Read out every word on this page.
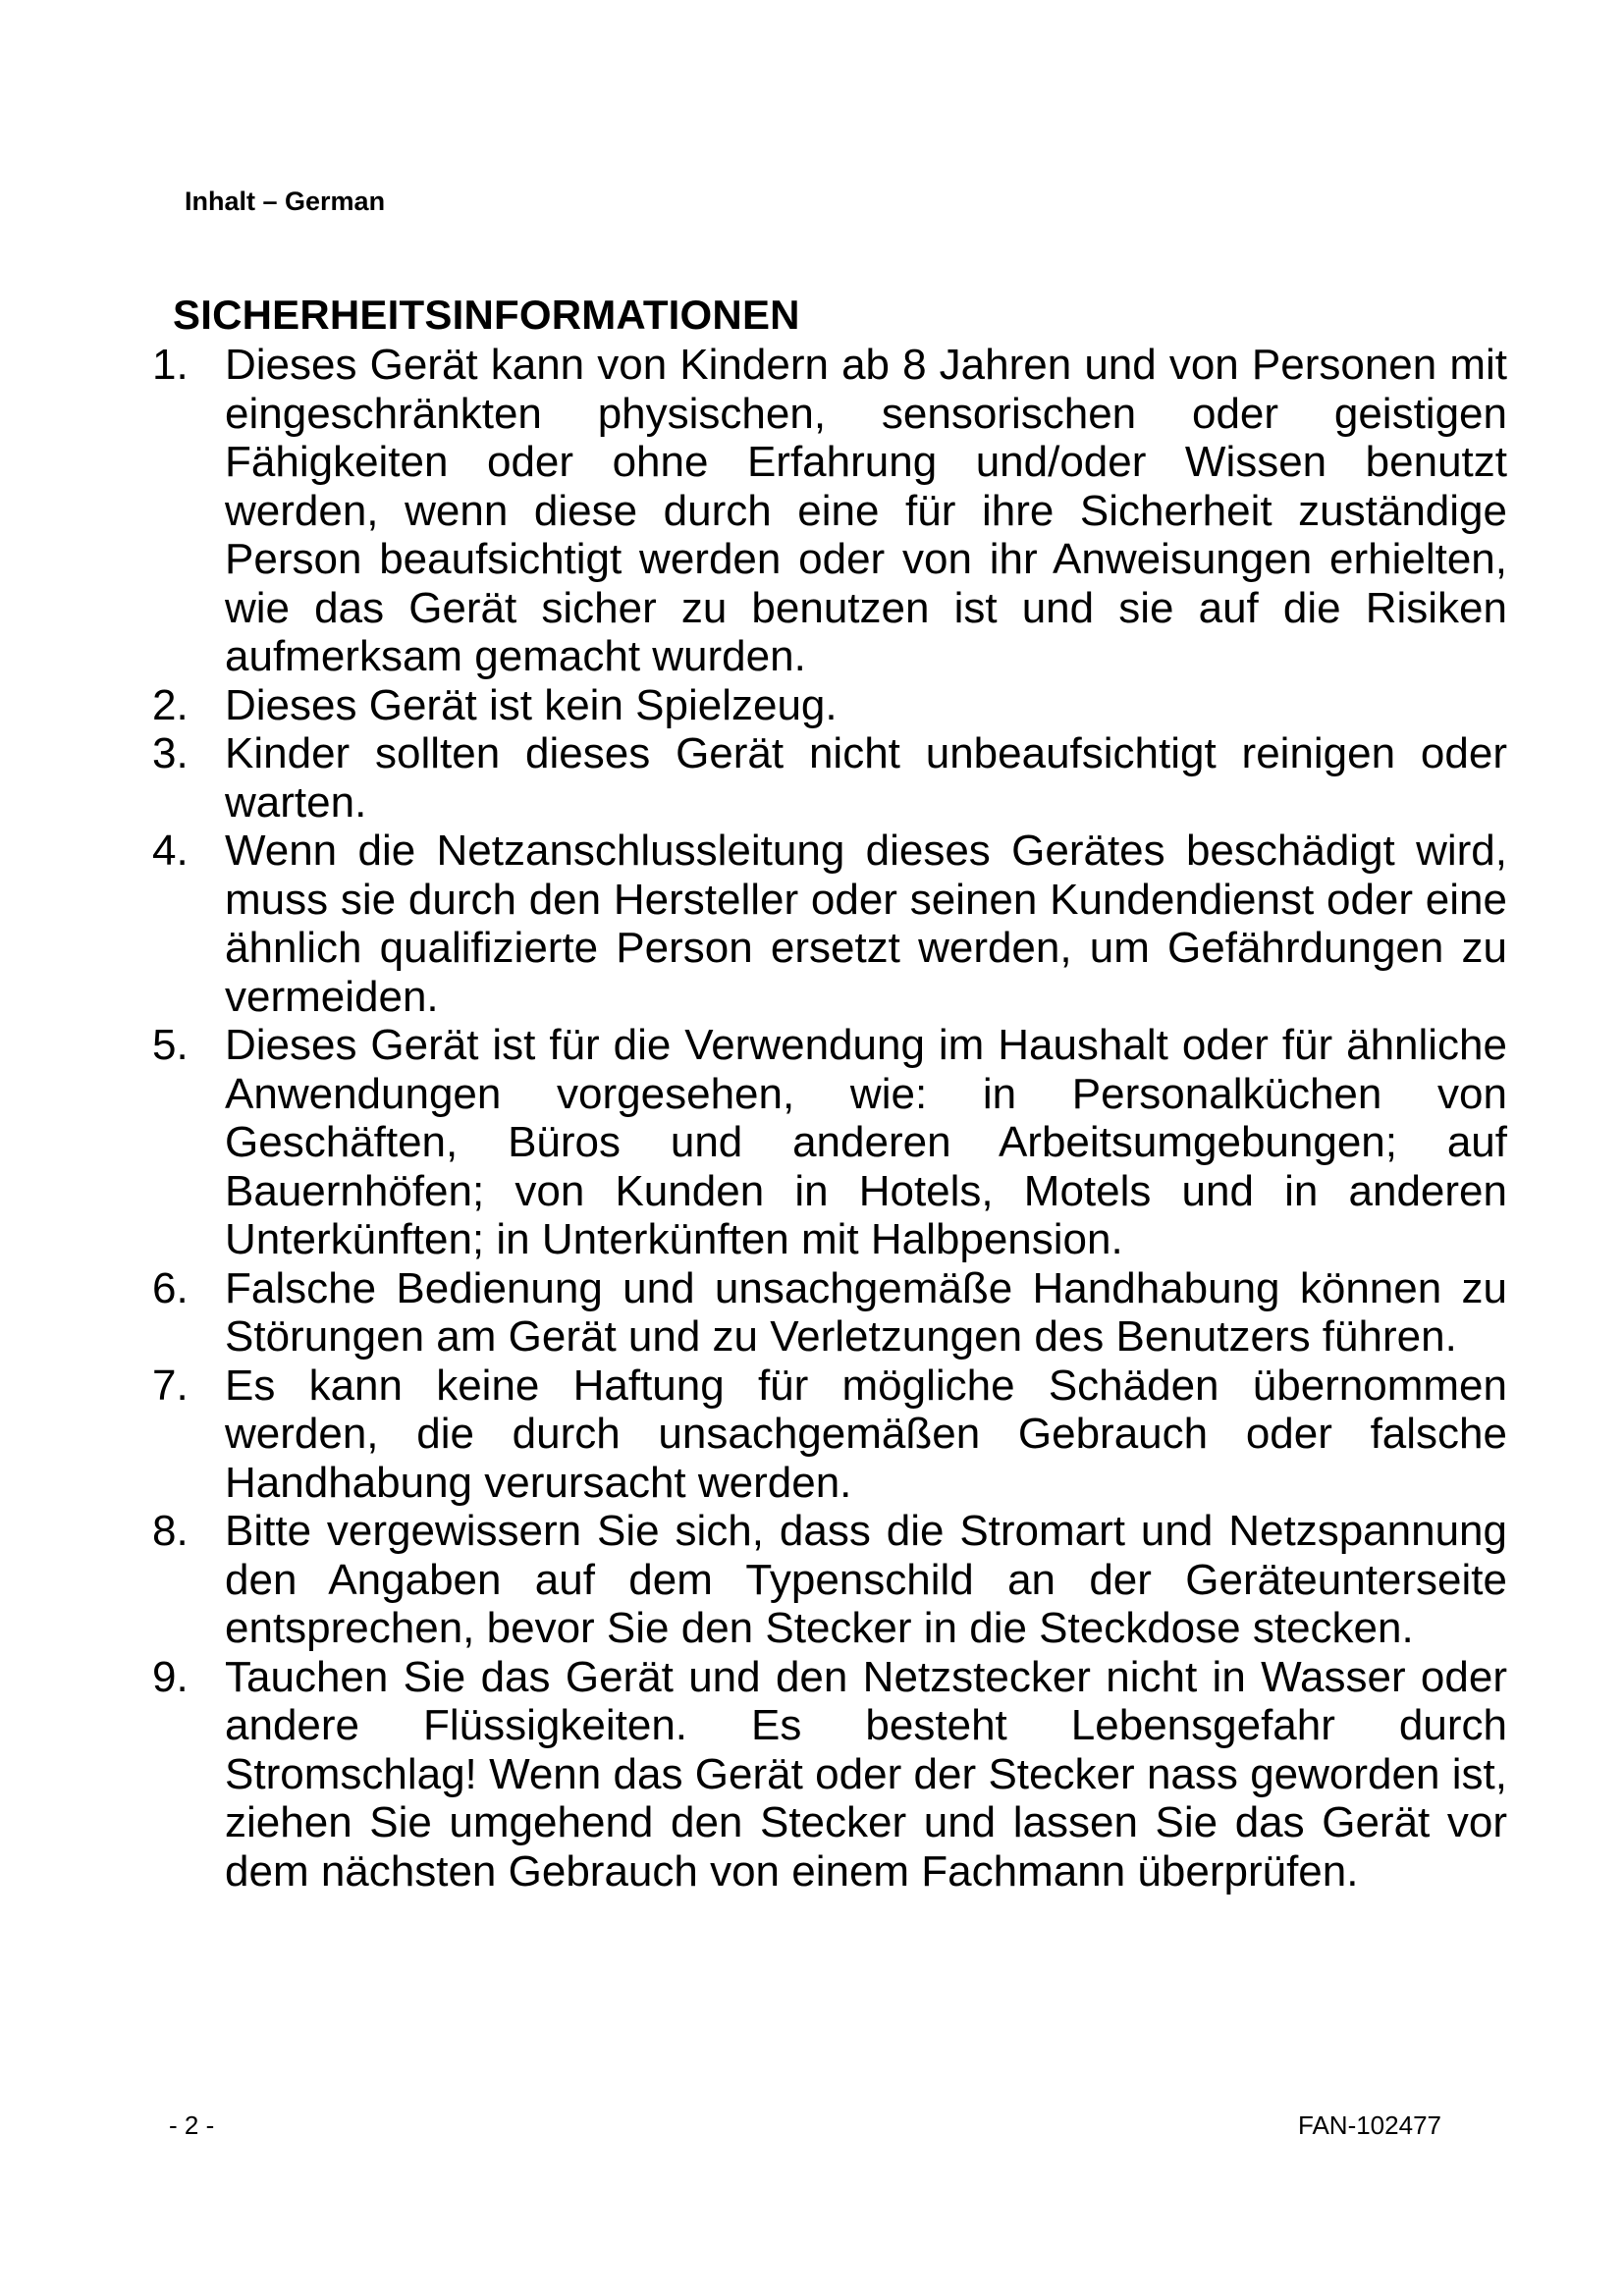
Inhalt – German
SICHERHEITSINFORMATIONEN
1. Dieses Gerät kann von Kindern ab 8 Jahren und von Personen mit eingeschränkten physischen, sensorischen oder geistigen Fähigkeiten oder ohne Erfahrung und/oder Wissen benutzt werden, wenn diese durch eine für ihre Sicherheit zuständige Person beaufsichtigt werden oder von ihr Anweisungen erhielten, wie das Gerät sicher zu benutzen ist und sie auf die Risiken aufmerksam gemacht wurden.
2. Dieses Gerät ist kein Spielzeug.
3. Kinder sollten dieses Gerät nicht unbeaufsichtigt reinigen oder warten.
4. Wenn die Netzanschlussleitung dieses Gerätes beschädigt wird, muss sie durch den Hersteller oder seinen Kundendienst oder eine ähnlich qualifizierte Person ersetzt werden, um Gefährdungen zu vermeiden.
5. Dieses Gerät ist für die Verwendung im Haushalt oder für ähnliche Anwendungen vorgesehen, wie: in Personalküchen von Geschäften, Büros und anderen Arbeitsumgebungen; auf Bauernhöfen; von Kunden in Hotels, Motels und in anderen Unterkünften; in Unterkünften mit Halbpension.
6. Falsche Bedienung und unsachgemäße Handhabung können zu Störungen am Gerät und zu Verletzungen des Benutzers führen.
7. Es kann keine Haftung für mögliche Schäden übernommen werden, die durch unsachgemäßen Gebrauch oder falsche Handhabung verursacht werden.
8. Bitte vergewissern Sie sich, dass die Stromart und Netzspannung den Angaben auf dem Typenschild an der Geräteunterseite entsprechen, bevor Sie den Stecker in die Steckdose stecken.
9. Tauchen Sie das Gerät und den Netzstecker nicht in Wasser oder andere Flüssigkeiten. Es besteht Lebensgefahr durch Stromschlag! Wenn das Gerät oder der Stecker nass geworden ist, ziehen Sie umgehend den Stecker und lassen Sie das Gerät vor dem nächsten Gebrauch von einem Fachmann überprüfen.
- 2 -	FAN-102477
